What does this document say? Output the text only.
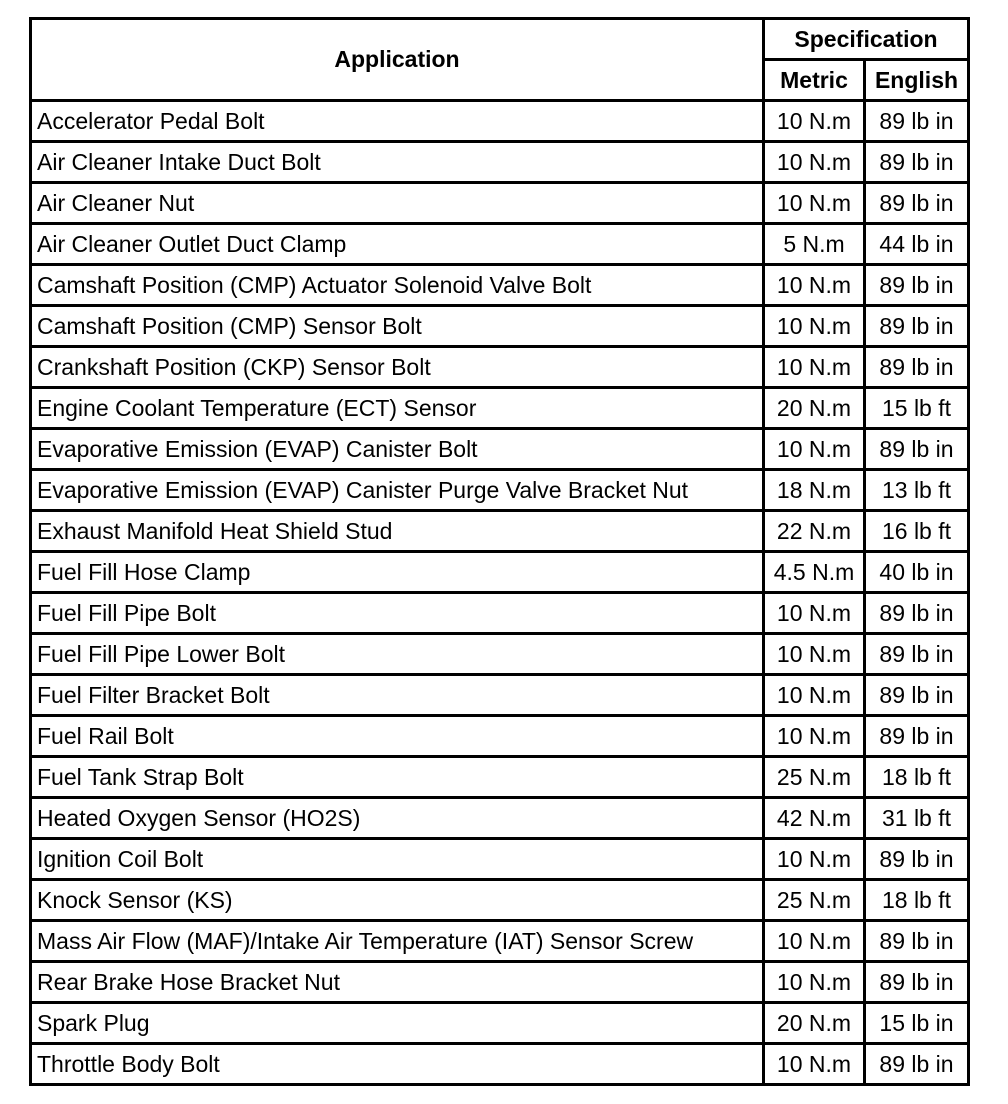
Application	Specification	
	Metric	English
Accelerator Pedal Bolt	10 N.m	89 lb in
Air Cleaner Intake Duct Bolt	10 N.m	89 lb in
Air Cleaner Nut	10 N.m	89 lb in
Air Cleaner Outlet Duct Clamp	5 N.m	44 lb in
Camshaft Position (CMP) Actuator Solenoid Valve Bolt	10 N.m	89 lb in
Camshaft Position (CMP) Sensor Bolt	10 N.m	89 lb in
Crankshaft Position (CKP) Sensor Bolt	10 N.m	89 lb in
Engine Coolant Temperature (ECT) Sensor	20 N.m	15 lb ft
Evaporative Emission (EVAP) Canister Bolt	10 N.m	89 lb in
Evaporative Emission (EVAP) Canister Purge Valve Bracket Nut	18 N.m	13 lb ft
Exhaust Manifold Heat Shield Stud	22 N.m	16 lb ft
Fuel Fill Hose Clamp	4.5 N.m	40 lb in
Fuel Fill Pipe Bolt	10 N.m	89 lb in
Fuel Fill Pipe Lower Bolt	10 N.m	89 lb in
Fuel Filter Bracket Bolt	10 N.m	89 lb in
Fuel Rail Bolt	10 N.m	89 lb in
Fuel Tank Strap Bolt	25 N.m	18 lb ft
Heated Oxygen Sensor (HO2S)	42 N.m	31 lb ft
Ignition Coil Bolt	10 N.m	89 lb in
Knock Sensor (KS)	25 N.m	18 lb ft
Mass Air Flow (MAF)/Intake Air Temperature (IAT) Sensor Screw	10 N.m	89 lb in
Rear Brake Hose Bracket Nut	10 N.m	89 lb in
Spark Plug	20 N.m	15 lb in
Throttle Body Bolt	10 N.m	89 lb in
